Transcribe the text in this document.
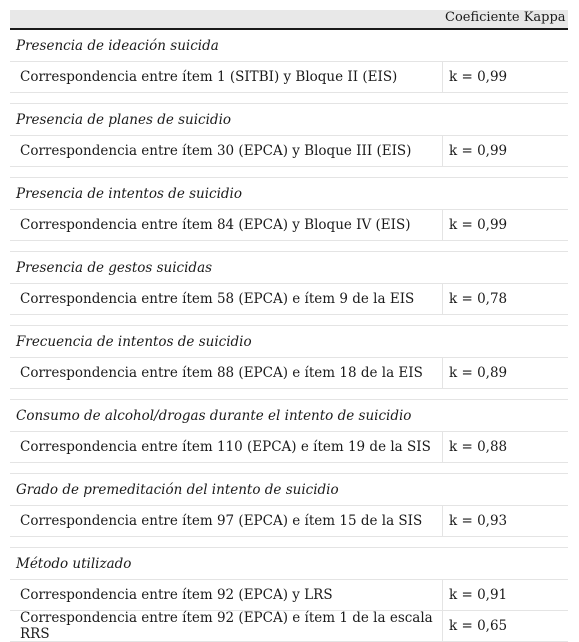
Coeficiente Kappa
Presencia de ideación suicida
Correspondencia entre ítem 1 (SITBI) y Bloque II (EIS)	k = 0,99
Presencia de planes de suicidio
Correspondencia entre ítem 30 (EPCA) y Bloque III (EIS)	k = 0,99
Presencia de intentos de suicidio
Correspondencia entre ítem 84 (EPCA) y Bloque IV (EIS)	k = 0,99
Presencia de gestos suicidas
Correspondencia entre ítem 58 (EPCA) e ítem 9 de la EIS	k = 0,78
Frecuencia de intentos de suicidio
Correspondencia entre ítem 88 (EPCA) e ítem 18 de la EIS	k = 0,89
Consumo de alcohol/drogas durante el intento de suicidio
Correspondencia entre ítem 110 (EPCA) e ítem 19 de la SIS	k = 0,88
Grado de premeditación del intento de suicidio
Correspondencia entre ítem 97 (EPCA) e ítem 15 de la SIS	k = 0,93
Método utilizado
Correspondencia entre ítem 92 (EPCA) y LRS	k = 0,91
Correspondencia entre ítem 92 (EPCA) e ítem 1 de la escala RRS	k = 0,65
